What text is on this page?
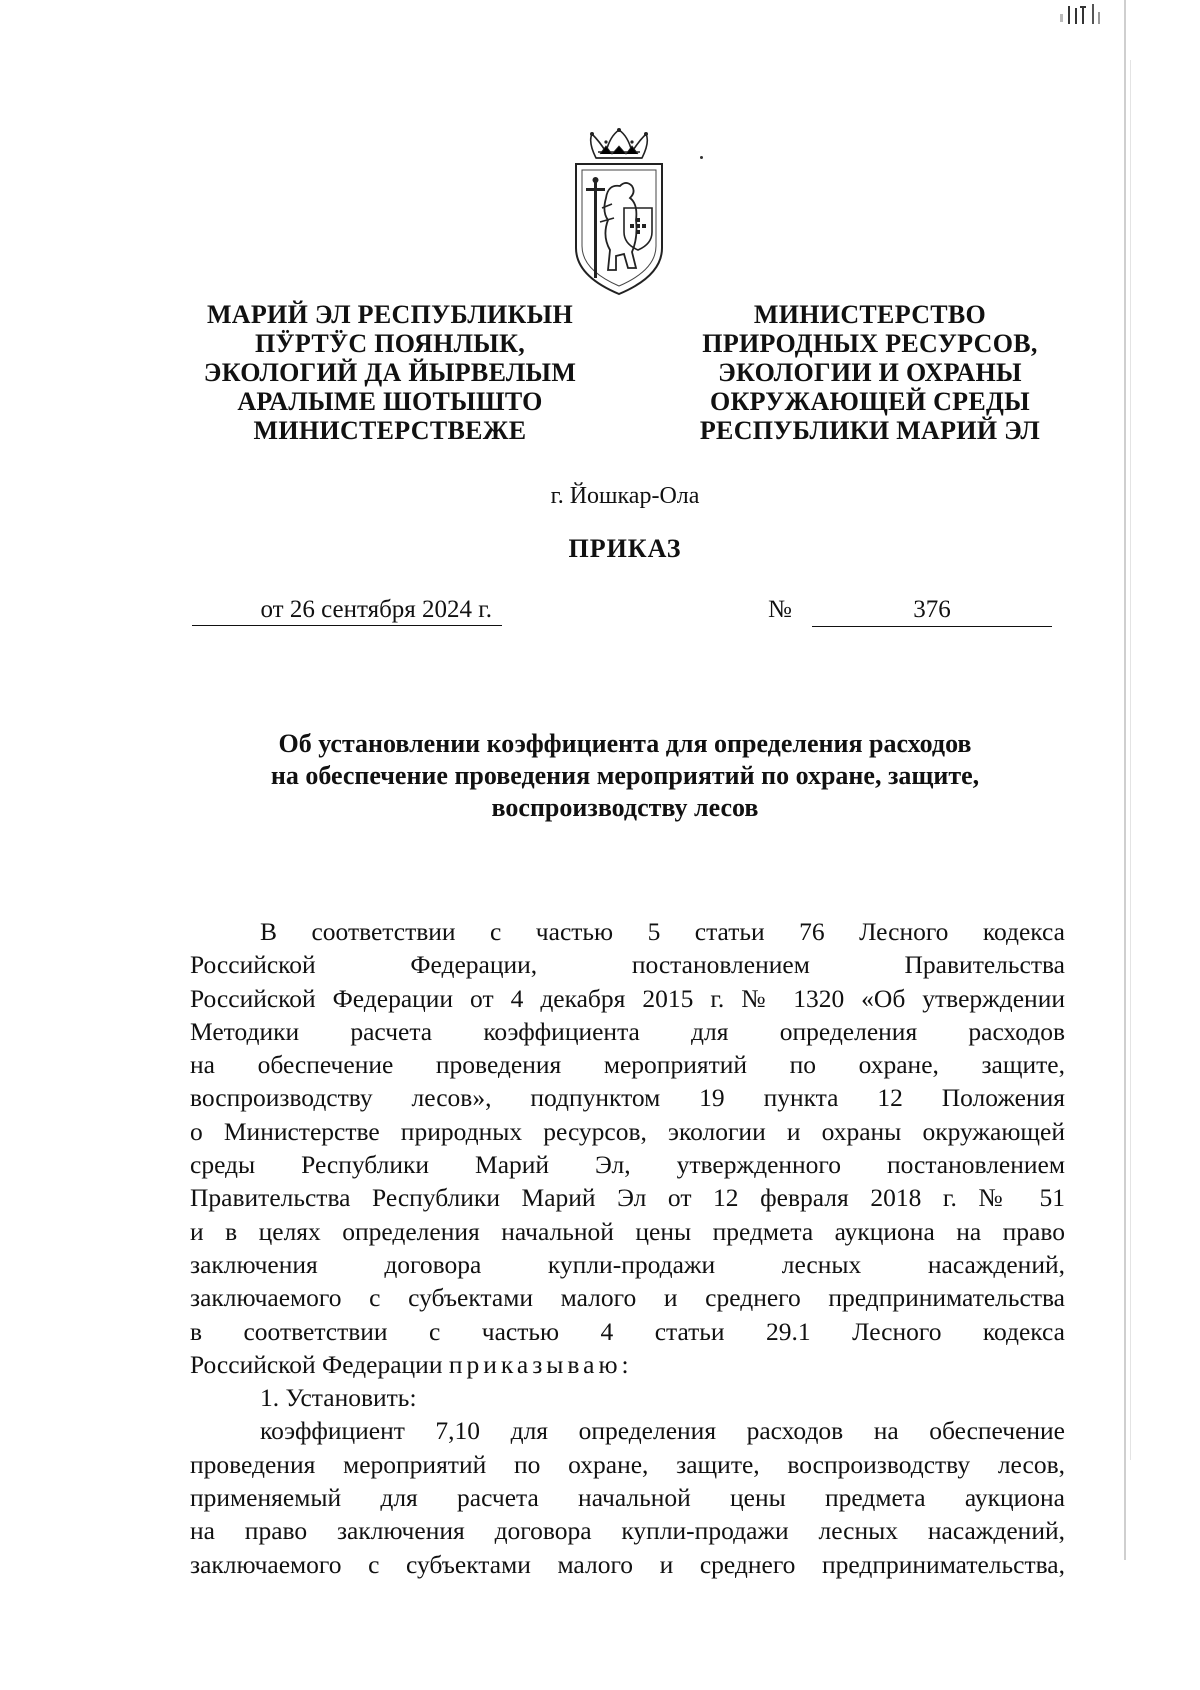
МАРИЙ ЭЛ РЕСПУБЛИКЫН
ПӰРТӰС ПОЯНЛЫК,
ЭКОЛОГИЙ ДА ЙЫРВЕЛЫМ
АРАЛЫМЕ ШОТЫШТО
МИНИСТЕРСТВЕЖЕ
МИНИСТЕРСТВО
ПРИРОДНЫХ РЕСУРСОВ,
ЭКОЛОГИИ И ОХРАНЫ
ОКРУЖАЮЩЕЙ СРЕДЫ
РЕСПУБЛИКИ МАРИЙ ЭЛ
г. Йошкар-Ола
ПРИКАЗ
от 26 сентября 2024 г.	№	376
Об установлении коэффициента для определения расходов
на обеспечение проведения мероприятий по охране, защите,
воспроизводству лесов
В соответствии с частью 5 статьи 76 Лесного кодекса
Российской Федерации, постановлением Правительства
Российской Федерации от 4 декабря 2015 г. № 1320 «Об утверждении
Методики расчета коэффициента для определения расходов
на обеспечение проведения мероприятий по охране, защите,
воспроизводству лесов», подпунктом 19 пункта 12 Положения
о Министерстве природных ресурсов, экологии и охраны окружающей
среды Республики Марий Эл, утвержденного постановлением
Правительства Республики Марий Эл от 12 февраля 2018 г. № 51
и в целях определения начальной цены предмета аукциона на право
заключения договора купли-продажи лесных насаждений,
заключаемого с субъектами малого и среднего предпринимательства
в соответствии с частью 4 статьи 29.1 Лесного кодекса
Российской Федерации приказываю:
1. Установить:
коэффициент 7,10 для определения расходов на обеспечение
проведения мероприятий по охране, защите, воспроизводству лесов,
применяемый для расчета начальной цены предмета аукциона
на право заключения договора купли-продажи лесных насаждений,
заключаемого с субъектами малого и среднего предпринимательства,
